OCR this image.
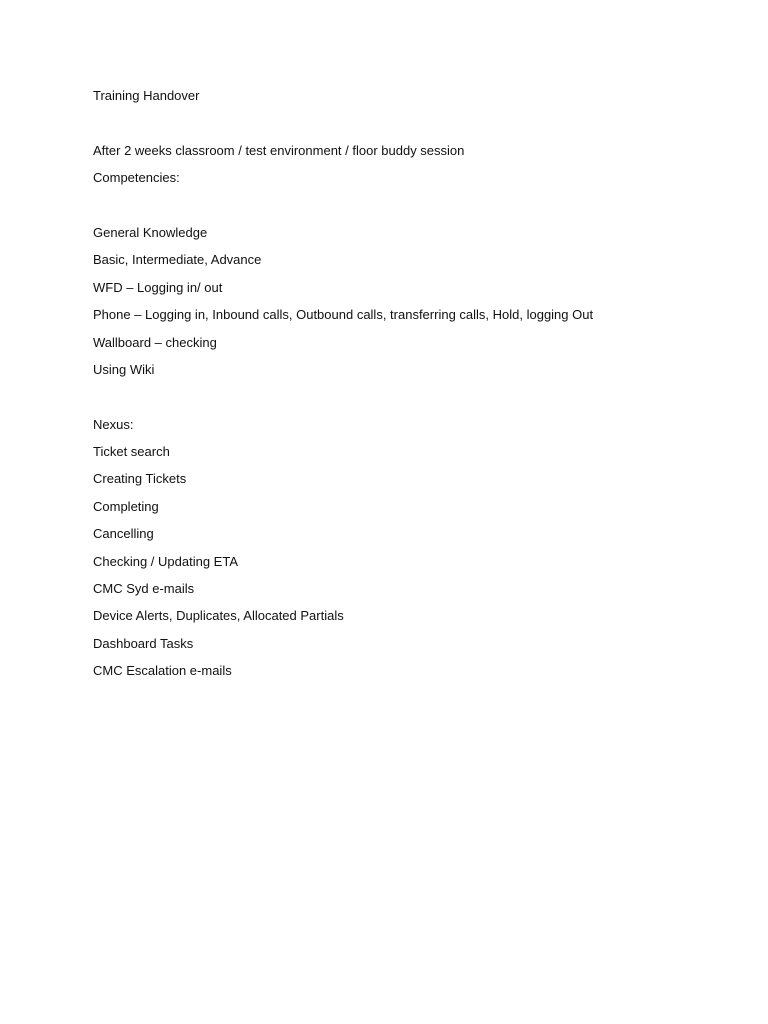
Training Handover
After 2 weeks classroom / test environment / floor buddy session
Competencies:
General Knowledge
Basic, Intermediate, Advance
WFD – Logging in/ out
Phone – Logging in, Inbound calls, Outbound calls, transferring calls, Hold, logging Out
Wallboard – checking
Using Wiki
Nexus:
Ticket search
Creating Tickets
Completing
Cancelling
Checking / Updating ETA
CMC Syd e-mails
Device Alerts, Duplicates, Allocated Partials
Dashboard Tasks
CMC Escalation e-mails
